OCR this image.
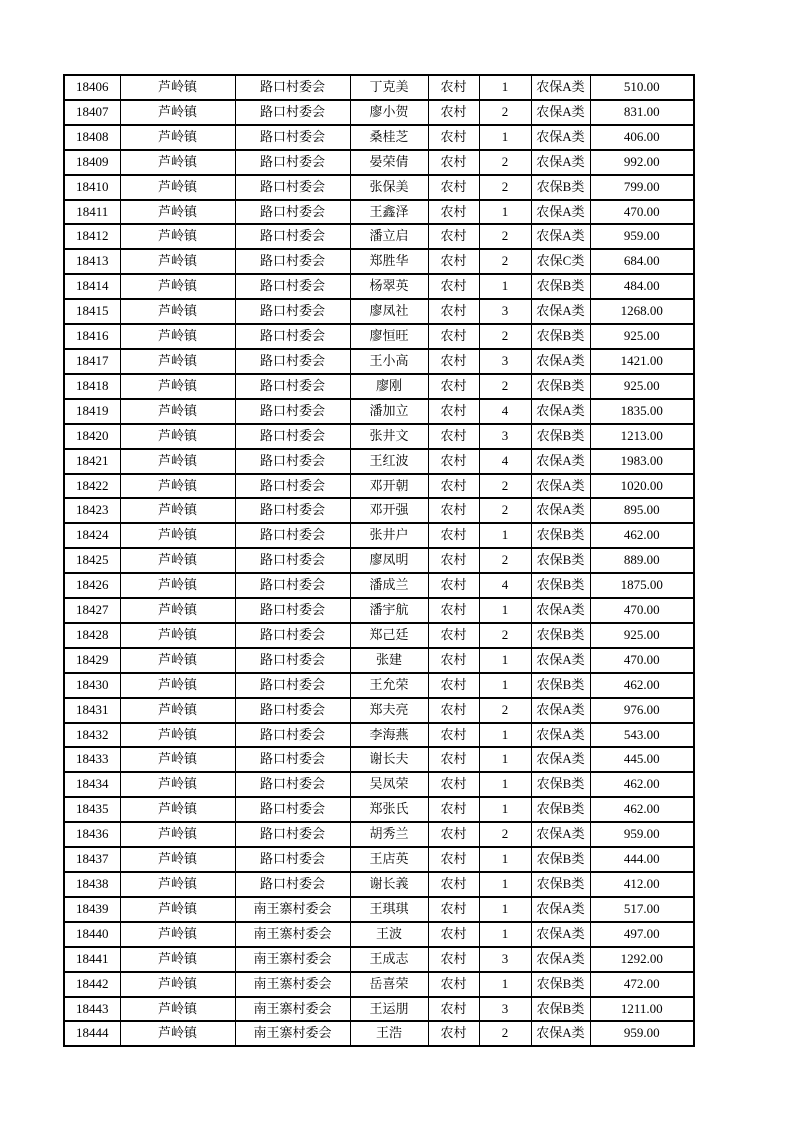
18406	芦岭镇	路口村委会	丁克美	农村	1	农保A类	510.00
18407	芦岭镇	路口村委会	廖小贺	农村	2	农保A类	831.00
18408	芦岭镇	路口村委会	桑桂芝	农村	1	农保A类	406.00
18409	芦岭镇	路口村委会	晏荣倩	农村	2	农保A类	992.00
18410	芦岭镇	路口村委会	张保美	农村	2	农保B类	799.00
18411	芦岭镇	路口村委会	王鑫泽	农村	1	农保A类	470.00
18412	芦岭镇	路口村委会	潘立启	农村	2	农保A类	959.00
18413	芦岭镇	路口村委会	郑胜华	农村	2	农保C类	684.00
18414	芦岭镇	路口村委会	杨翠英	农村	1	农保B类	484.00
18415	芦岭镇	路口村委会	廖凤社	农村	3	农保A类	1268.00
18416	芦岭镇	路口村委会	廖恒旺	农村	2	农保B类	925.00
18417	芦岭镇	路口村委会	王小高	农村	3	农保A类	1421.00
18418	芦岭镇	路口村委会	廖刚	农村	2	农保B类	925.00
18419	芦岭镇	路口村委会	潘加立	农村	4	农保A类	1835.00
18420	芦岭镇	路口村委会	张井文	农村	3	农保B类	1213.00
18421	芦岭镇	路口村委会	王红波	农村	4	农保A类	1983.00
18422	芦岭镇	路口村委会	邓开朝	农村	2	农保A类	1020.00
18423	芦岭镇	路口村委会	邓开强	农村	2	农保A类	895.00
18424	芦岭镇	路口村委会	张井户	农村	1	农保B类	462.00
18425	芦岭镇	路口村委会	廖凤明	农村	2	农保B类	889.00
18426	芦岭镇	路口村委会	潘成兰	农村	4	农保B类	1875.00
18427	芦岭镇	路口村委会	潘宇航	农村	1	农保A类	470.00
18428	芦岭镇	路口村委会	郑己廷	农村	2	农保B类	925.00
18429	芦岭镇	路口村委会	张建	农村	1	农保A类	470.00
18430	芦岭镇	路口村委会	王允荣	农村	1	农保B类	462.00
18431	芦岭镇	路口村委会	郑夫亮	农村	2	农保A类	976.00
18432	芦岭镇	路口村委会	李海燕	农村	1	农保A类	543.00
18433	芦岭镇	路口村委会	谢长夫	农村	1	农保A类	445.00
18434	芦岭镇	路口村委会	吴凤荣	农村	1	农保B类	462.00
18435	芦岭镇	路口村委会	郑张氏	农村	1	农保B类	462.00
18436	芦岭镇	路口村委会	胡秀兰	农村	2	农保A类	959.00
18437	芦岭镇	路口村委会	王店英	农村	1	农保B类	444.00
18438	芦岭镇	路口村委会	谢长義	农村	1	农保B类	412.00
18439	芦岭镇	南王寨村委会	王琪琪	农村	1	农保A类	517.00
18440	芦岭镇	南王寨村委会	王波	农村	1	农保A类	497.00
18441	芦岭镇	南王寨村委会	王成志	农村	3	农保A类	1292.00
18442	芦岭镇	南王寨村委会	岳喜荣	农村	1	农保B类	472.00
18443	芦岭镇	南王寨村委会	王运朋	农村	3	农保B类	1211.00
18444	芦岭镇	南王寨村委会	王浩	农村	2	农保A类	959.00
